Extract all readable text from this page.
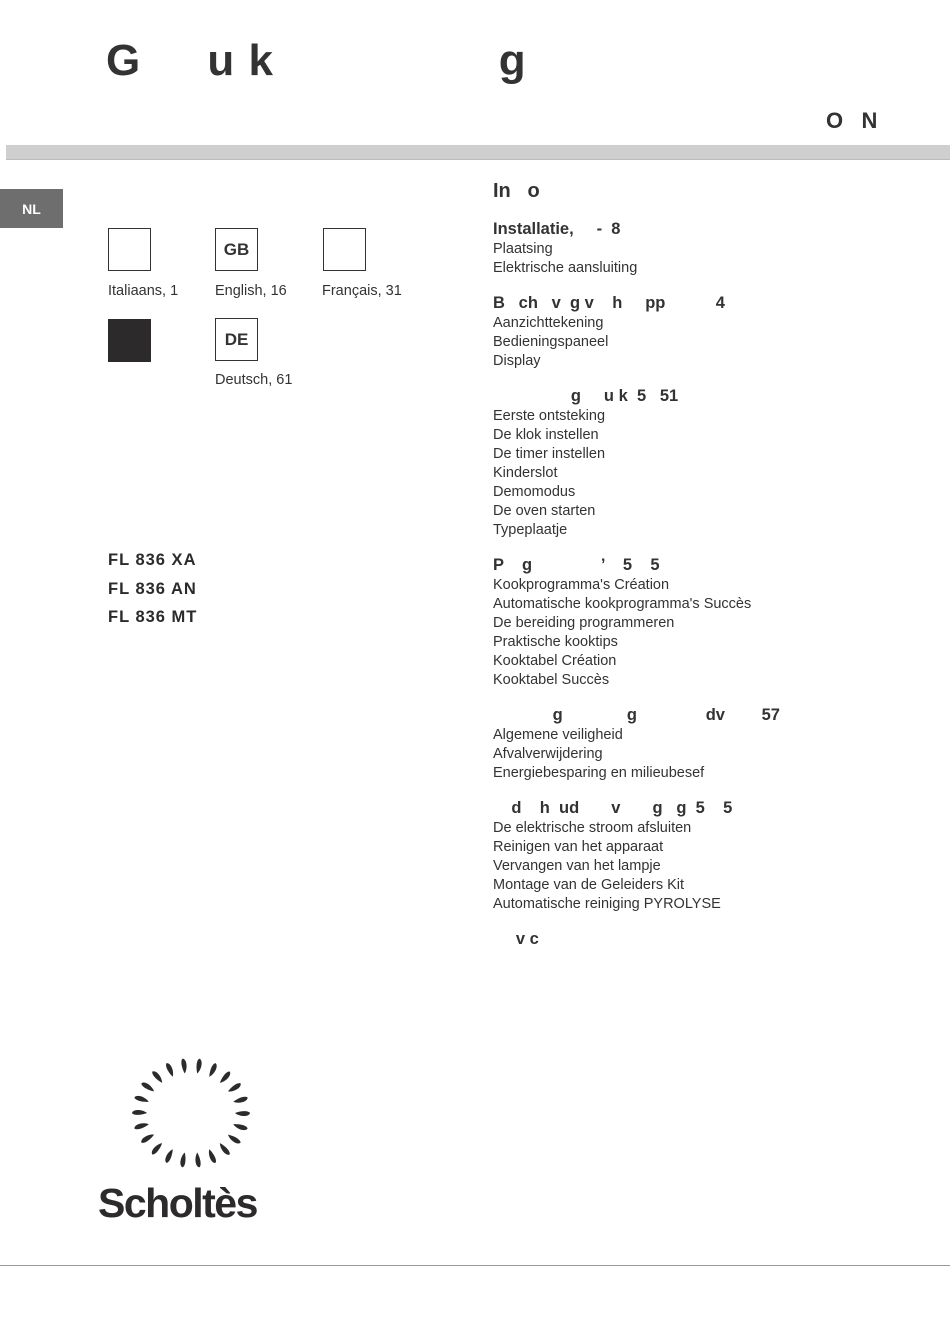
G     u k                 g
O   N
NL
GB
Italiaans, 1	English, 16 Français, 31
DE
Deutsch, 61
FL 836 XA
FL 836 AN
FL 836 MT
In   o
Installatie,     -  8
Plaatsing
Elektrische aansluiting
B   ch   v  g v    h     pp           4
Aanzichttekening
Bedieningspaneel
Display
g     u k  5   51
Eerste ontsteking
De klok instellen
De timer instellen
Kinderslot
Demomodus
De oven starten
Typeplaatje
P    g               ’    5    5
Kookprogramma's Création
Automatische kookprogramma's Succès
De bereiding programmeren
Praktische kooktips
Kooktabel Création
Kooktabel Succès
g              g               dv        57
Algemene veiligheid
Afvalverwijdering
Energiebesparing en milieubesef
d    h  ud       v       g   g  5    5
De elektrische stroom afsluiten
Reinigen van het apparaat
Vervangen van het lampje
Montage van de Geleiders Kit
Automatische reiniging PYROLYSE
v c
Scholtès
